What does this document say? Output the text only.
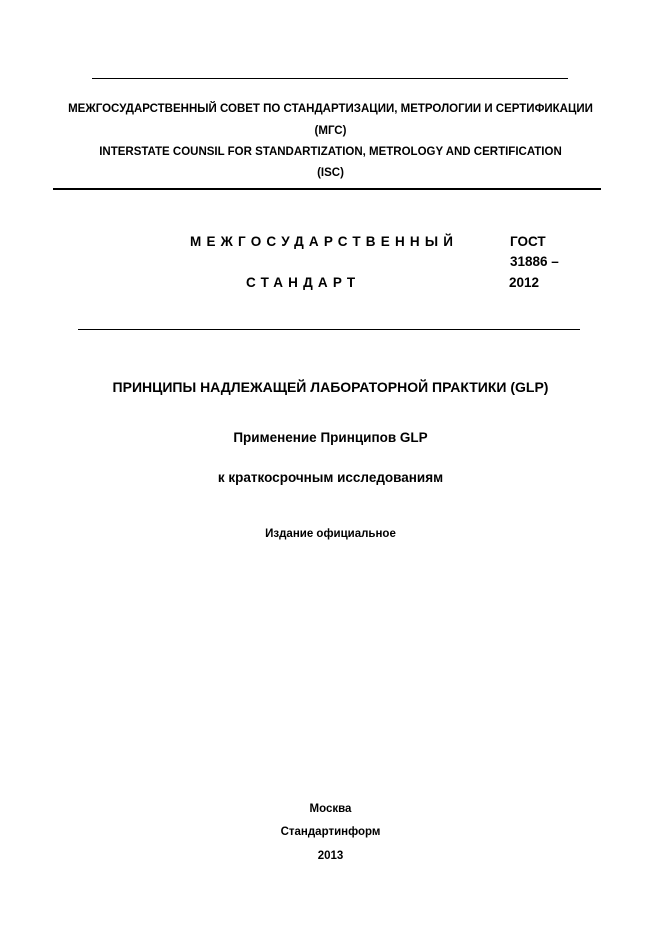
МЕЖГОСУДАРСТВЕННЫЙ СОВЕТ ПО СТАНДАРТИЗАЦИИ, МЕТРОЛОГИИ И СЕРТИФИКАЦИИ
(МГС)
INTERSTATE COUNSIL FOR STANDARTIZATION, METROLOGY AND CERTIFICATION
(ISC)
МЕЖГОСУДАРСТВЕННЫЙ
СТАНДАРТ
ГОСТ
31886 –
2012
ПРИНЦИПЫ НАДЛЕЖАЩЕЙ ЛАБОРАТОРНОЙ ПРАКТИКИ (GLP)
Применение Принципов GLP
к краткосрочным исследованиям
Издание официальное
Москва
Стандартинформ
2013
